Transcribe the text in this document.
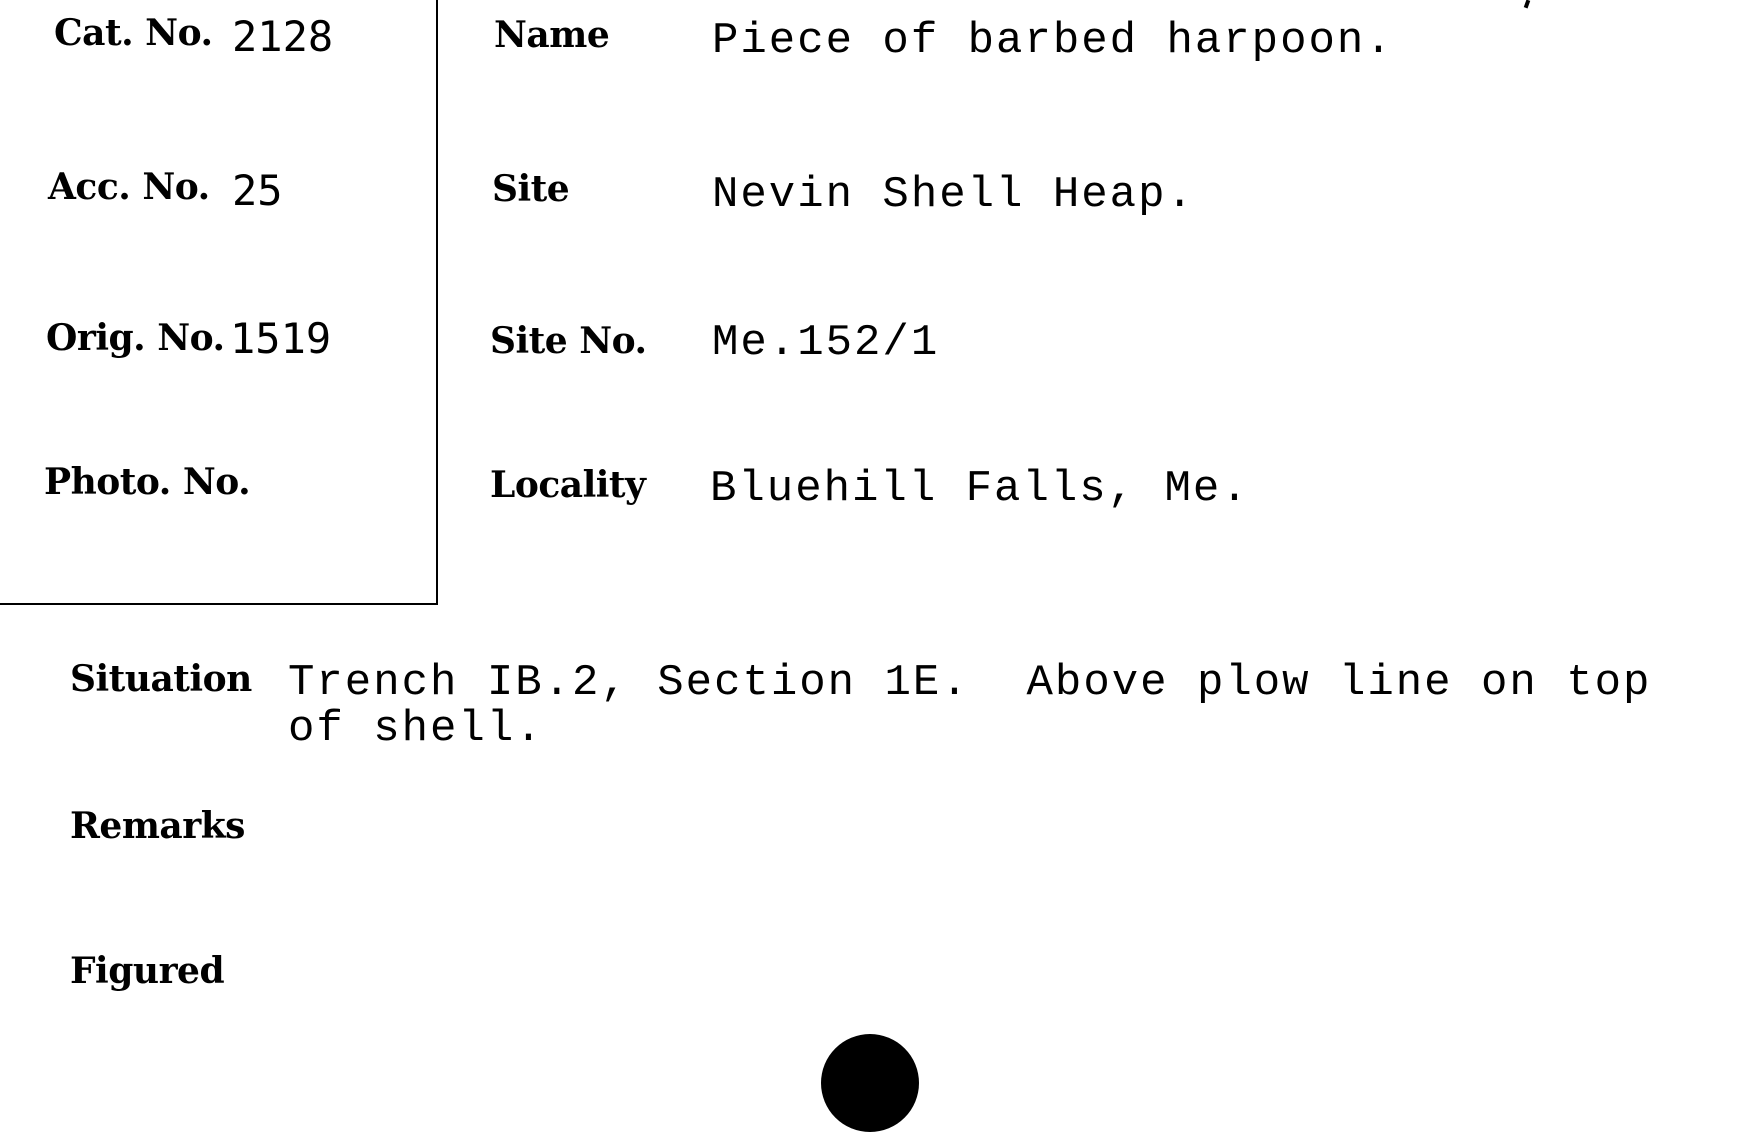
Cat. No. 2128
Acc. No. 25
Orig. No. 1519
Photo. No.
Name Piece of barbed harpoon.
Site	Nevin Shell Heap.
Site No. Me.152/1
Locality Bluehill Falls, Me.
Situation Trench IB.2, Section 1E.  Above plow line on top
of shell.
Remarks
Figured
